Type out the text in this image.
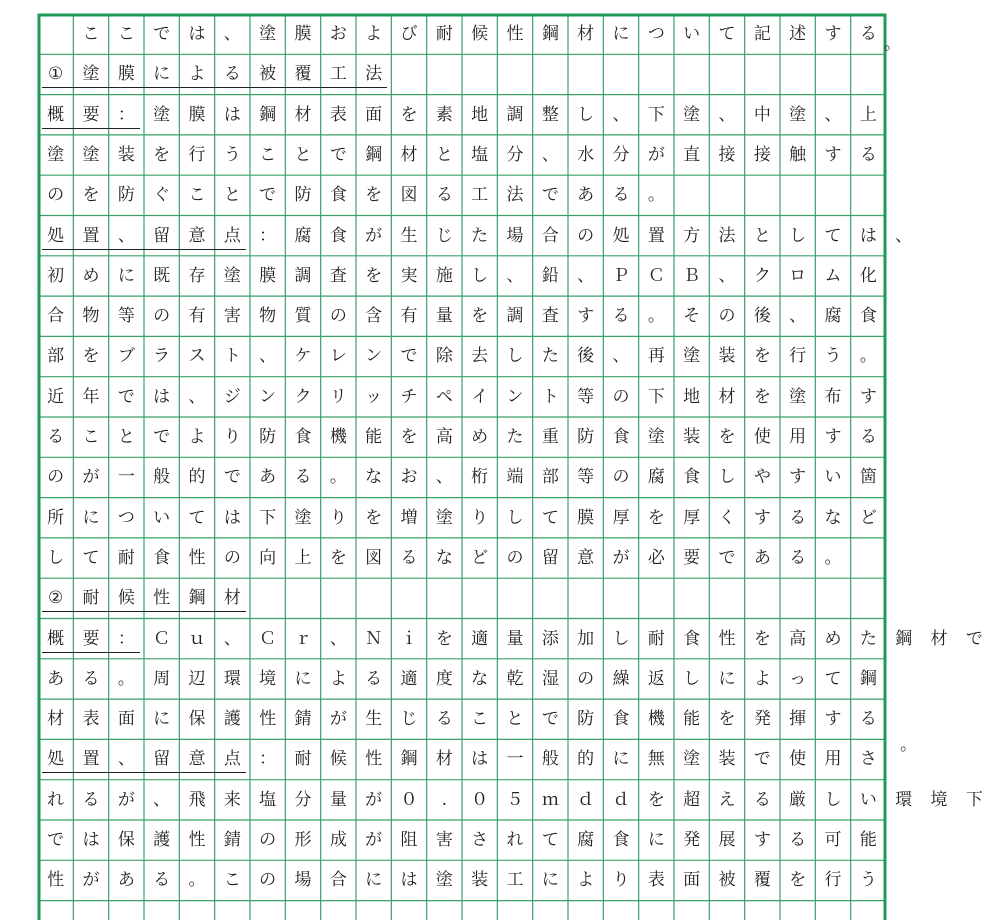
こ	こ	で	は	、	塗	膜	お	よ	び	耐	候	性	鋼	材	に	つ	い	て	記	述	す	る
①	塗	膜	に	よ	る	被	覆	工	法
概	要	：	塗	膜	は	鋼	材	表	面	を	素	地	調	整	し	、	下	塗	、	中	塗	、	上
塗	塗	装	を	行	う	こ	と	で	鋼	材	と	塩	分	、	水	分	が	直	接	接	触	す	る
の	を	防	ぐ	こ	と	で	防	食	を	図	る	工	法	で	あ	る	。
処	置	、	留	意	点	：	腐	食	が	生	じ	た	場	合	の	処	置	方	法	と	し	て	は	、
初	め	に	既	存	塗	膜	調	査	を	実	施	し	、	鉛	、	Ｐ	Ｃ	Ｂ	、	ク	ロ	ム	化
合	物	等	の	有	害	物	質	の	含	有	量	を	調	査	す	る	。	そ	の	後	、	腐	食
部	を	ブ	ラ	ス	ト	、	ケ	レ	ン	で	除	去	し	た	後	、	再	塗	装	を	行	う	。
近	年	で	は	、	ジ	ン	ク	リ	ッ	チ	ペ	イ	ン	ト	等	の	下	地	材	を	塗	布	す
る	こ	と	で	よ	り	防	食	機	能	を	高	め	た	重	防	食	塗	装	を	使	用	す	る
の	が	一	般	的	で	あ	る	。	な	お	、	桁	端	部	等	の	腐	食	し	や	す	い	箇
所	に	つ	い	て	は	下	塗	り	を	増	塗	り	し	て	膜	厚	を	厚	く	す	る	な	ど
し	て	耐	食	性	の	向	上	を	図	る	な	ど	の	留	意	が	必	要	で	あ	る	。
②	耐	候	性	鋼	材
概	要	：	Ｃ	ｕ	、	Ｃ	ｒ	、	Ｎ	ｉ	を	適	量	添	加	し	耐	食	性	を	高	め	た	鋼	材	で
あ	る	。	周	辺	環	境	に	よ	る	適	度	な	乾	湿	の	繰	返	し	に	よ	っ	て	鋼
材	表	面	に	保	護	性	錆	が	生	じ	る	こ	と	で	防	食	機	能	を	発	揮	す	る
処	置	、	留	意	点	：	耐	候	性	鋼	材	は	一	般	的	に	無	塗	装	で	使	用	さ
れ	る	が	、	飛	来	塩	分	量	が	０	.	０	５	ｍ	ｄ	ｄ	を	超	え	る	厳	し	い	環	境	下
で	は	保	護	性	錆	の	形	成	が	阻	害	さ	れ	て	腐	食	に	発	展	す	る	可	能
性	が	あ	る	。	こ	の	場	合	に	は	塗	装	工	に	よ	り	表	面	被	覆	を	行	う
。
。
